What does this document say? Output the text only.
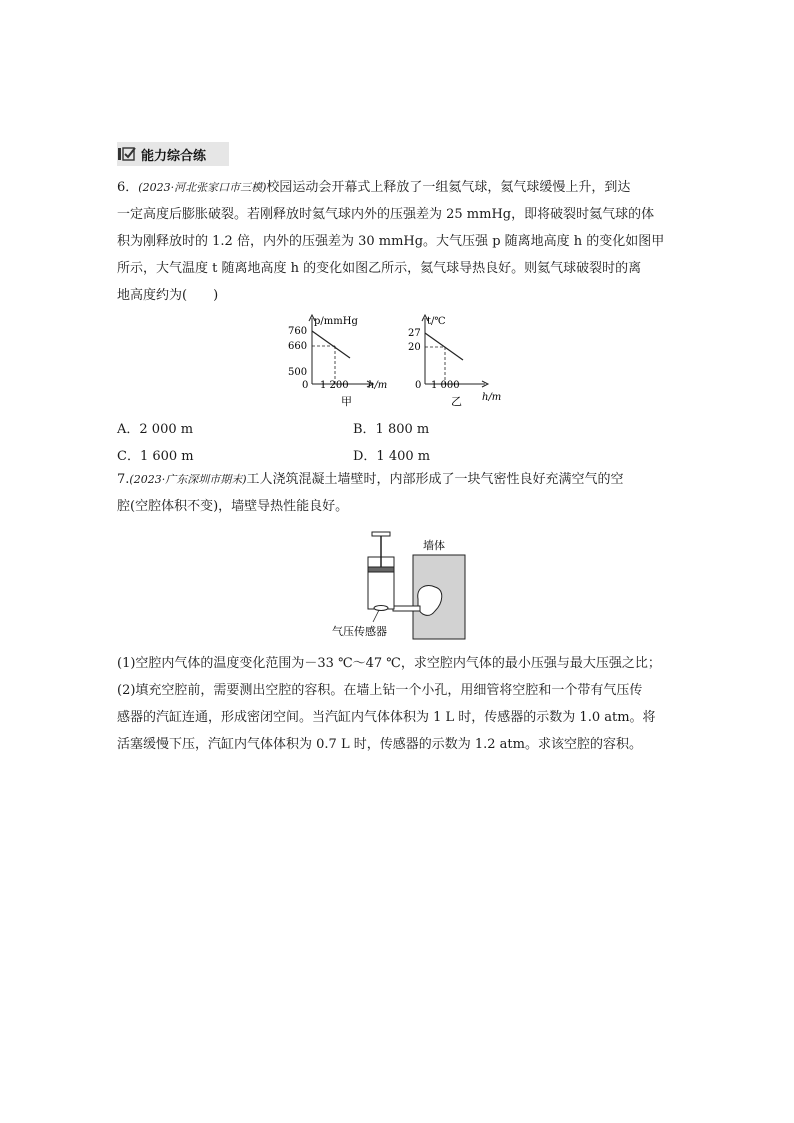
能力综合练
6．(2023·河北张家口市三模)校园运动会开幕式上释放了一组氦气球，氦气球缓慢上升，到达
一定高度后膨胀破裂。若刚释放时氦气球内外的压强差为 25 mmHg，即将破裂时氦气球的体
积为刚释放时的 1.2 倍，内外的压强差为 30 mmHg。大气压强 p 随离地高度 h 的变化如图甲
所示，大气温度 t 随离地高度 h 的变化如图乙所示，氦气球导热良好。则氦气球破裂时的离
地高度约为(　　)
p/mmHg
760
660
500
0 1 200 h/m
甲
t/℃
27
20
0 1 000
h/m
乙
A．2 000 m	B．1 800 m
C．1 600 m	D．1 400 m
7.(2023·广东深圳市期末)工人浇筑混凝土墙壁时，内部形成了一块气密性良好充满空气的空
腔(空腔体积不变)，墙壁导热性能良好。
气压传感器
墙体
(1)空腔内气体的温度变化范围为－33 ℃～47 ℃，求空腔内气体的最小压强与最大压强之比；
(2)填充空腔前，需要测出空腔的容积。在墙上钻一个小孔，用细管将空腔和一个带有气压传
感器的汽缸连通，形成密闭空间。当汽缸内气体体积为 1 L 时，传感器的示数为 1.0 atm。将
活塞缓慢下压，汽缸内气体体积为 0.7 L 时，传感器的示数为 1.2 atm。求该空腔的容积。
